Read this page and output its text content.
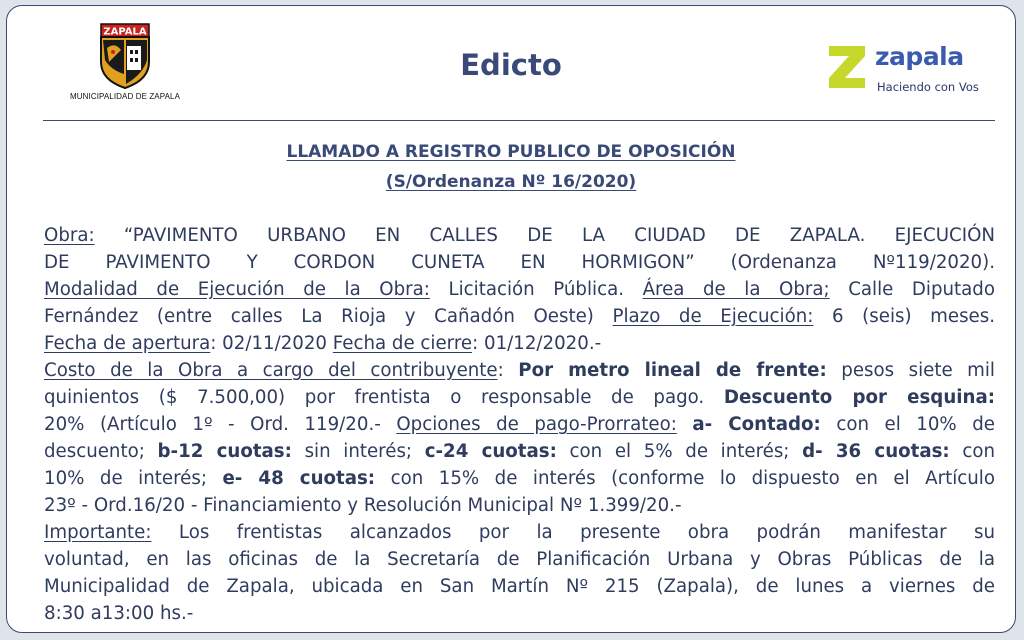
ZAPALA
MUNICIPALIDAD DE ZAPALA
Edicto	zapala
Haciendo con Vos
LLAMADO A REGISTRO PUBLICO DE OPOSICIÓN
(S/Ordenanza Nº 16/2020)
Obra: “PAVIMENTO URBANO EN CALLES DE LA CIUDAD DE ZAPALA. EJECUCIÓN
DE PAVIMENTO Y CORDON CUNETA EN HORMIGON” (Ordenanza Nº119/2020).
Modalidad de Ejecución de la Obra: Licitación Pública. Área de la Obra; Calle Diputado
Fernández (entre calles La Rioja y Cañadón Oeste) Plazo de Ejecución: 6 (seis) meses.
Fecha de apertura: 02/11/2020 Fecha de cierre: 01/12/2020.-
Costo de la Obra a cargo del contribuyente: Por metro lineal de frente: pesos siete mil
quinientos ($ 7.500,00) por frentista o responsable de pago. Descuento por esquina:
20% (Artículo 1º - Ord. 119/20.- Opciones de pago-Prorrateo: a- Contado: con el 10% de
descuento; b-12 cuotas: sin interés; c-24 cuotas: con el 5% de interés; d- 36 cuotas: con
10% de interés; e- 48 cuotas: con 15% de interés (conforme lo dispuesto en el Artículo
23º - Ord.16/20 - Financiamiento y Resolución Municipal Nº 1.399/20.-
Importante: Los frentistas alcanzados por la presente obra podrán manifestar su
voluntad, en las oficinas de la Secretaría de Planificación Urbana y Obras Públicas de la
Municipalidad de Zapala, ubicada en San Martín Nº 215 (Zapala), de lunes a viernes de
8:30 a13:00 hs.-
